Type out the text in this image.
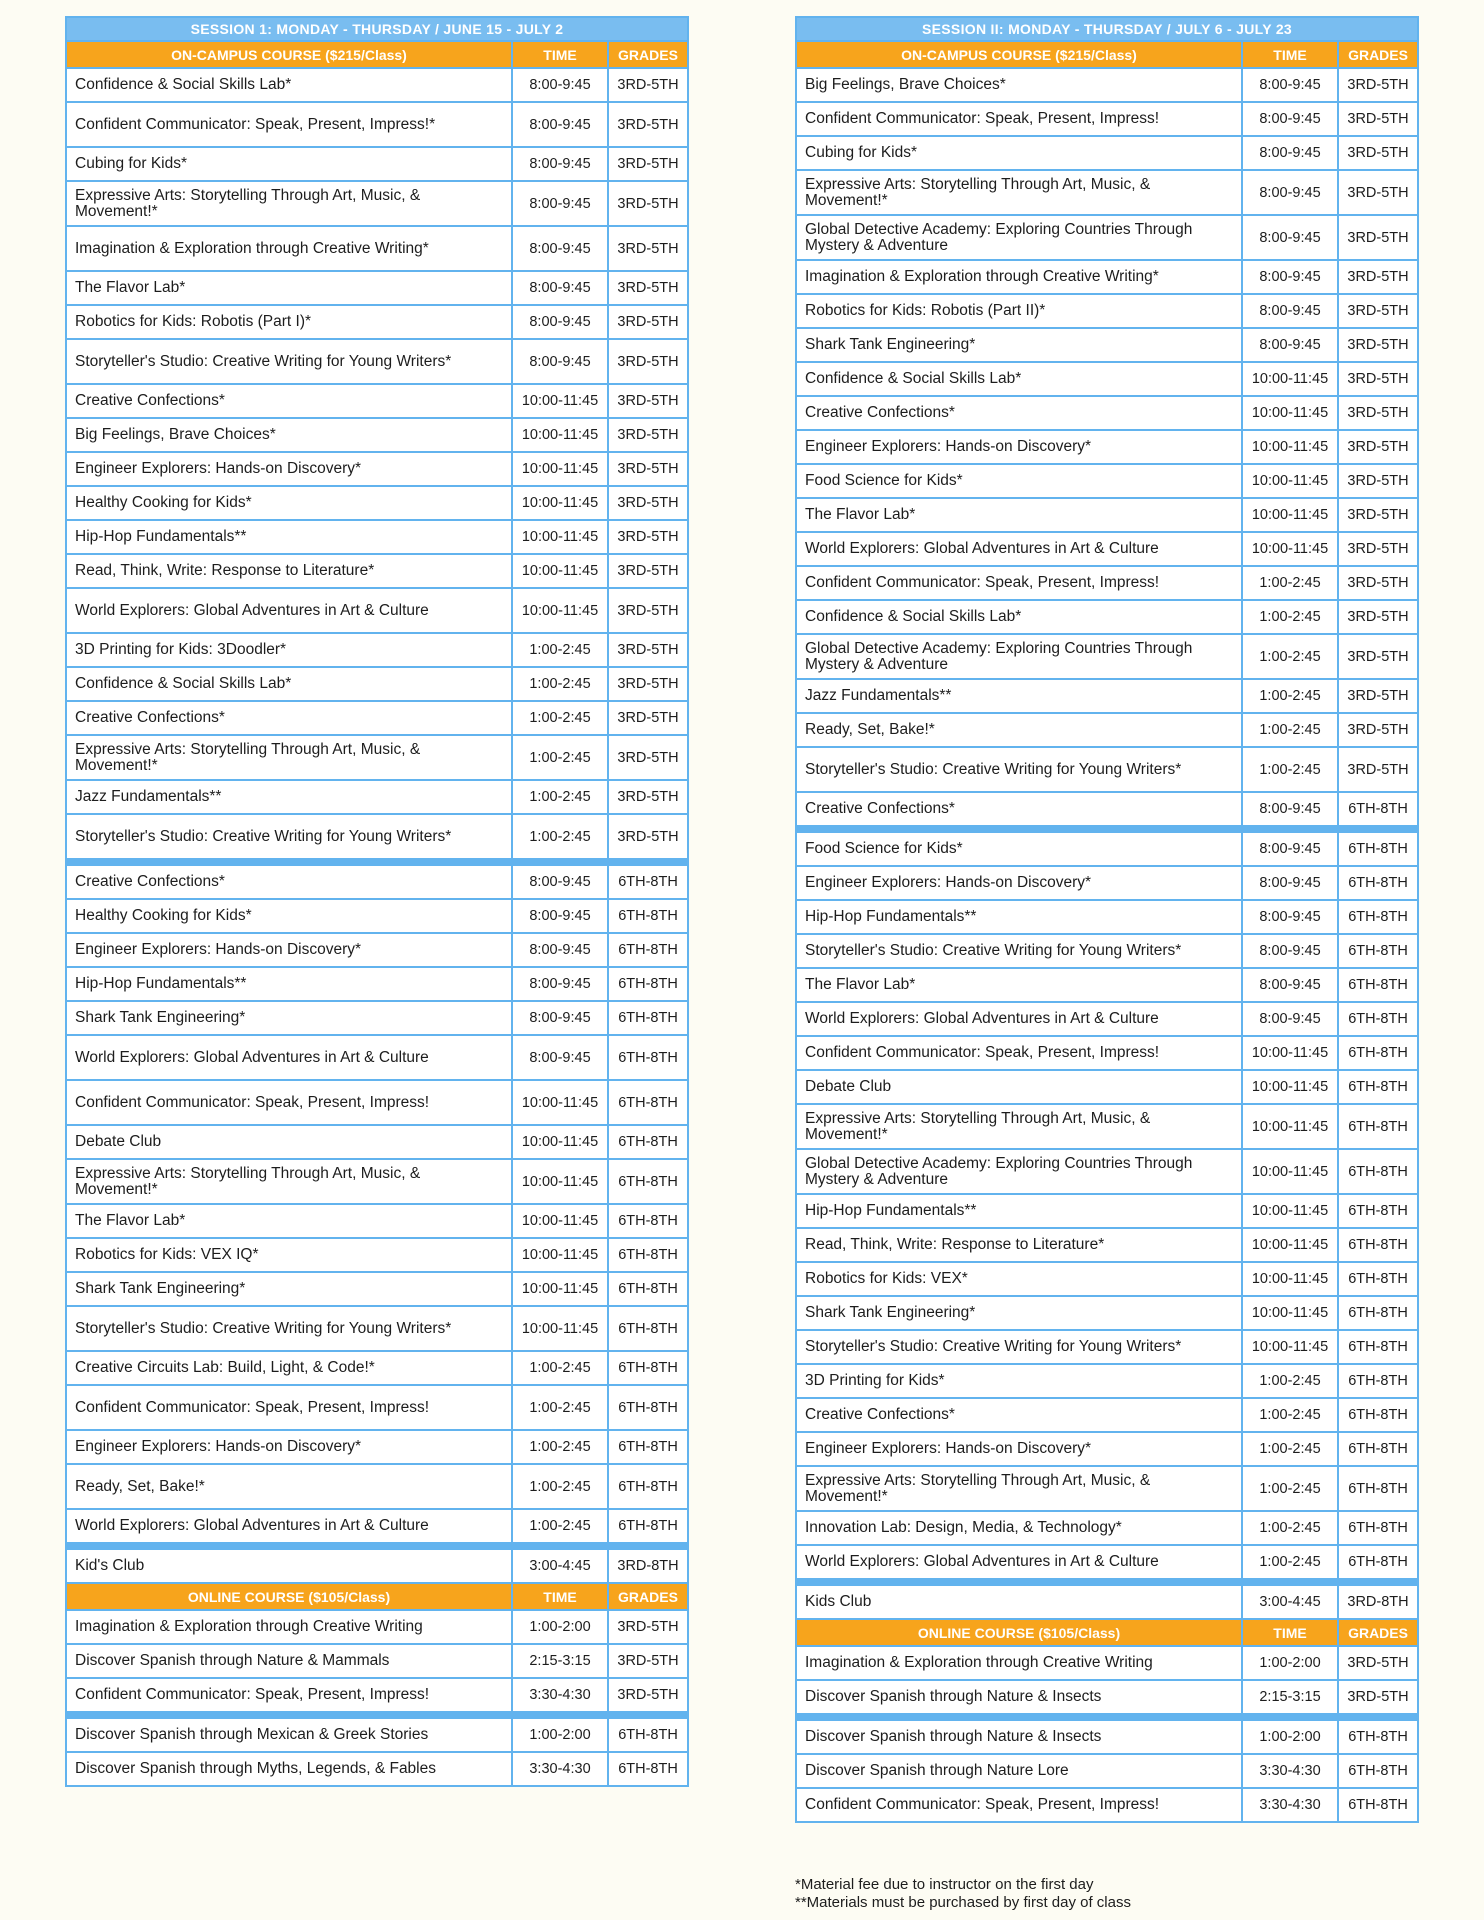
SESSION 1: MONDAY - THURSDAY / JUNE 15 - JULY 2		
ON-CAMPUS COURSE ($215/Class)	TIME	GRADES
Confidence & Social Skills Lab*	8:00-9:45	3RD-5TH
Confident Communicator: Speak, Present, Impress!*	8:00-9:45	3RD-5TH
Cubing for Kids*	8:00-9:45	3RD-5TH
Expressive Arts: Storytelling Through Art, Music, & Movement!*	8:00-9:45	3RD-5TH
Imagination & Exploration through Creative Writing*	8:00-9:45	3RD-5TH
The Flavor Lab*	8:00-9:45	3RD-5TH
Robotics for Kids: Robotis (Part I)*	8:00-9:45	3RD-5TH
Storyteller's Studio: Creative Writing for Young Writers*	8:00-9:45	3RD-5TH
Creative Confections*	10:00-11:45	3RD-5TH
Big Feelings, Brave Choices*	10:00-11:45	3RD-5TH
Engineer Explorers: Hands-on Discovery*	10:00-11:45	3RD-5TH
Healthy Cooking for Kids*	10:00-11:45	3RD-5TH
Hip-Hop Fundamentals**	10:00-11:45	3RD-5TH
Read, Think, Write: Response to Literature*	10:00-11:45	3RD-5TH
World Explorers: Global Adventures in Art & Culture	10:00-11:45	3RD-5TH
3D Printing for Kids: 3Doodler*	1:00-2:45	3RD-5TH
Confidence & Social Skills Lab*	1:00-2:45	3RD-5TH
Creative Confections*	1:00-2:45	3RD-5TH
Expressive Arts: Storytelling Through Art, Music, & Movement!*	1:00-2:45	3RD-5TH
Jazz Fundamentals**	1:00-2:45	3RD-5TH
Storyteller's Studio: Creative Writing for Young Writers*	1:00-2:45	3RD-5TH

Creative Confections*	8:00-9:45	6TH-8TH
Healthy Cooking for Kids*	8:00-9:45	6TH-8TH
Engineer Explorers: Hands-on Discovery*	8:00-9:45	6TH-8TH
Hip-Hop Fundamentals**	8:00-9:45	6TH-8TH
Shark Tank Engineering*	8:00-9:45	6TH-8TH
World Explorers: Global Adventures in Art & Culture	8:00-9:45	6TH-8TH
Confident Communicator: Speak, Present, Impress!	10:00-11:45	6TH-8TH
Debate Club	10:00-11:45	6TH-8TH
Expressive Arts: Storytelling Through Art, Music, & Movement!*	10:00-11:45	6TH-8TH
The Flavor Lab*	10:00-11:45	6TH-8TH
Robotics for Kids: VEX IQ*	10:00-11:45	6TH-8TH
Shark Tank Engineering*	10:00-11:45	6TH-8TH
Storyteller's Studio: Creative Writing for Young Writers*	10:00-11:45	6TH-8TH
Creative Circuits Lab: Build, Light, & Code!*	1:00-2:45	6TH-8TH
Confident Communicator: Speak, Present, Impress!	1:00-2:45	6TH-8TH
Engineer Explorers: Hands-on Discovery*	1:00-2:45	6TH-8TH
Ready, Set, Bake!*	1:00-2:45	6TH-8TH
World Explorers: Global Adventures in Art & Culture	1:00-2:45	6TH-8TH

Kid's Club	3:00-4:45	3RD-8TH
ONLINE COURSE ($105/Class)	TIME	GRADES
Imagination & Exploration through Creative Writing	1:00-2:00	3RD-5TH
Discover Spanish through Nature & Mammals	2:15-3:15	3RD-5TH
Confident Communicator: Speak, Present, Impress!	3:30-4:30	3RD-5TH

Discover Spanish through Mexican & Greek Stories	1:00-2:00	6TH-8TH
Discover Spanish through Myths, Legends, & Fables	3:30-4:30	6TH-8TH
SESSION II: MONDAY - THURSDAY / JULY 6 - JULY 23		
ON-CAMPUS COURSE ($215/Class)	TIME	GRADES
Big Feelings, Brave Choices*	8:00-9:45	3RD-5TH
Confident Communicator: Speak, Present, Impress!	8:00-9:45	3RD-5TH
Cubing for Kids*	8:00-9:45	3RD-5TH
Expressive Arts: Storytelling Through Art, Music, & Movement!*	8:00-9:45	3RD-5TH
Global Detective Academy: Exploring Countries Through Mystery & Adventure	8:00-9:45	3RD-5TH
Imagination & Exploration through Creative Writing*	8:00-9:45	3RD-5TH
Robotics for Kids: Robotis (Part II)*	8:00-9:45	3RD-5TH
Shark Tank Engineering*	8:00-9:45	3RD-5TH
Confidence & Social Skills Lab*	10:00-11:45	3RD-5TH
Creative Confections*	10:00-11:45	3RD-5TH
Engineer Explorers: Hands-on Discovery*	10:00-11:45	3RD-5TH
Food Science for Kids*	10:00-11:45	3RD-5TH
The Flavor Lab*	10:00-11:45	3RD-5TH
World Explorers: Global Adventures in Art & Culture	10:00-11:45	3RD-5TH
Confident Communicator: Speak, Present, Impress!	1:00-2:45	3RD-5TH
Confidence & Social Skills Lab*	1:00-2:45	3RD-5TH
Global Detective Academy: Exploring Countries Through Mystery & Adventure	1:00-2:45	3RD-5TH
Jazz Fundamentals**	1:00-2:45	3RD-5TH
Ready, Set, Bake!*	1:00-2:45	3RD-5TH
Storyteller's Studio: Creative Writing for Young Writers*	1:00-2:45	3RD-5TH
Creative Confections*	8:00-9:45	6TH-8TH

Food Science for Kids*	8:00-9:45	6TH-8TH
Engineer Explorers: Hands-on Discovery*	8:00-9:45	6TH-8TH
Hip-Hop Fundamentals**	8:00-9:45	6TH-8TH
Storyteller's Studio: Creative Writing for Young Writers*	8:00-9:45	6TH-8TH
The Flavor Lab*	8:00-9:45	6TH-8TH
World Explorers: Global Adventures in Art & Culture	8:00-9:45	6TH-8TH
Confident Communicator: Speak, Present, Impress!	10:00-11:45	6TH-8TH
Debate Club	10:00-11:45	6TH-8TH
Expressive Arts: Storytelling Through Art, Music, & Movement!*	10:00-11:45	6TH-8TH
Global Detective Academy: Exploring Countries Through Mystery & Adventure	10:00-11:45	6TH-8TH
Hip-Hop Fundamentals**	10:00-11:45	6TH-8TH
Read, Think, Write: Response to Literature*	10:00-11:45	6TH-8TH
Robotics for Kids: VEX*	10:00-11:45	6TH-8TH
Shark Tank Engineering*	10:00-11:45	6TH-8TH
Storyteller's Studio: Creative Writing for Young Writers*	10:00-11:45	6TH-8TH
3D Printing for Kids*	1:00-2:45	6TH-8TH
Creative Confections*	1:00-2:45	6TH-8TH
Engineer Explorers: Hands-on Discovery*	1:00-2:45	6TH-8TH
Expressive Arts: Storytelling Through Art, Music, & Movement!*	1:00-2:45	6TH-8TH
Innovation Lab: Design, Media, & Technology*	1:00-2:45	6TH-8TH
World Explorers: Global Adventures in Art & Culture	1:00-2:45	6TH-8TH

Kids Club	3:00-4:45	3RD-8TH
ONLINE COURSE ($105/Class)	TIME	GRADES
Imagination & Exploration through Creative Writing	1:00-2:00	3RD-5TH
Discover Spanish through Nature & Insects	2:15-3:15	3RD-5TH

Discover Spanish through Nature & Insects	1:00-2:00	6TH-8TH
Discover Spanish through Nature Lore	3:30-4:30	6TH-8TH
Confident Communicator: Speak, Present, Impress!	3:30-4:30	6TH-8TH
*Material fee due to instructor on the first day
**Materials must be purchased by first day of class
